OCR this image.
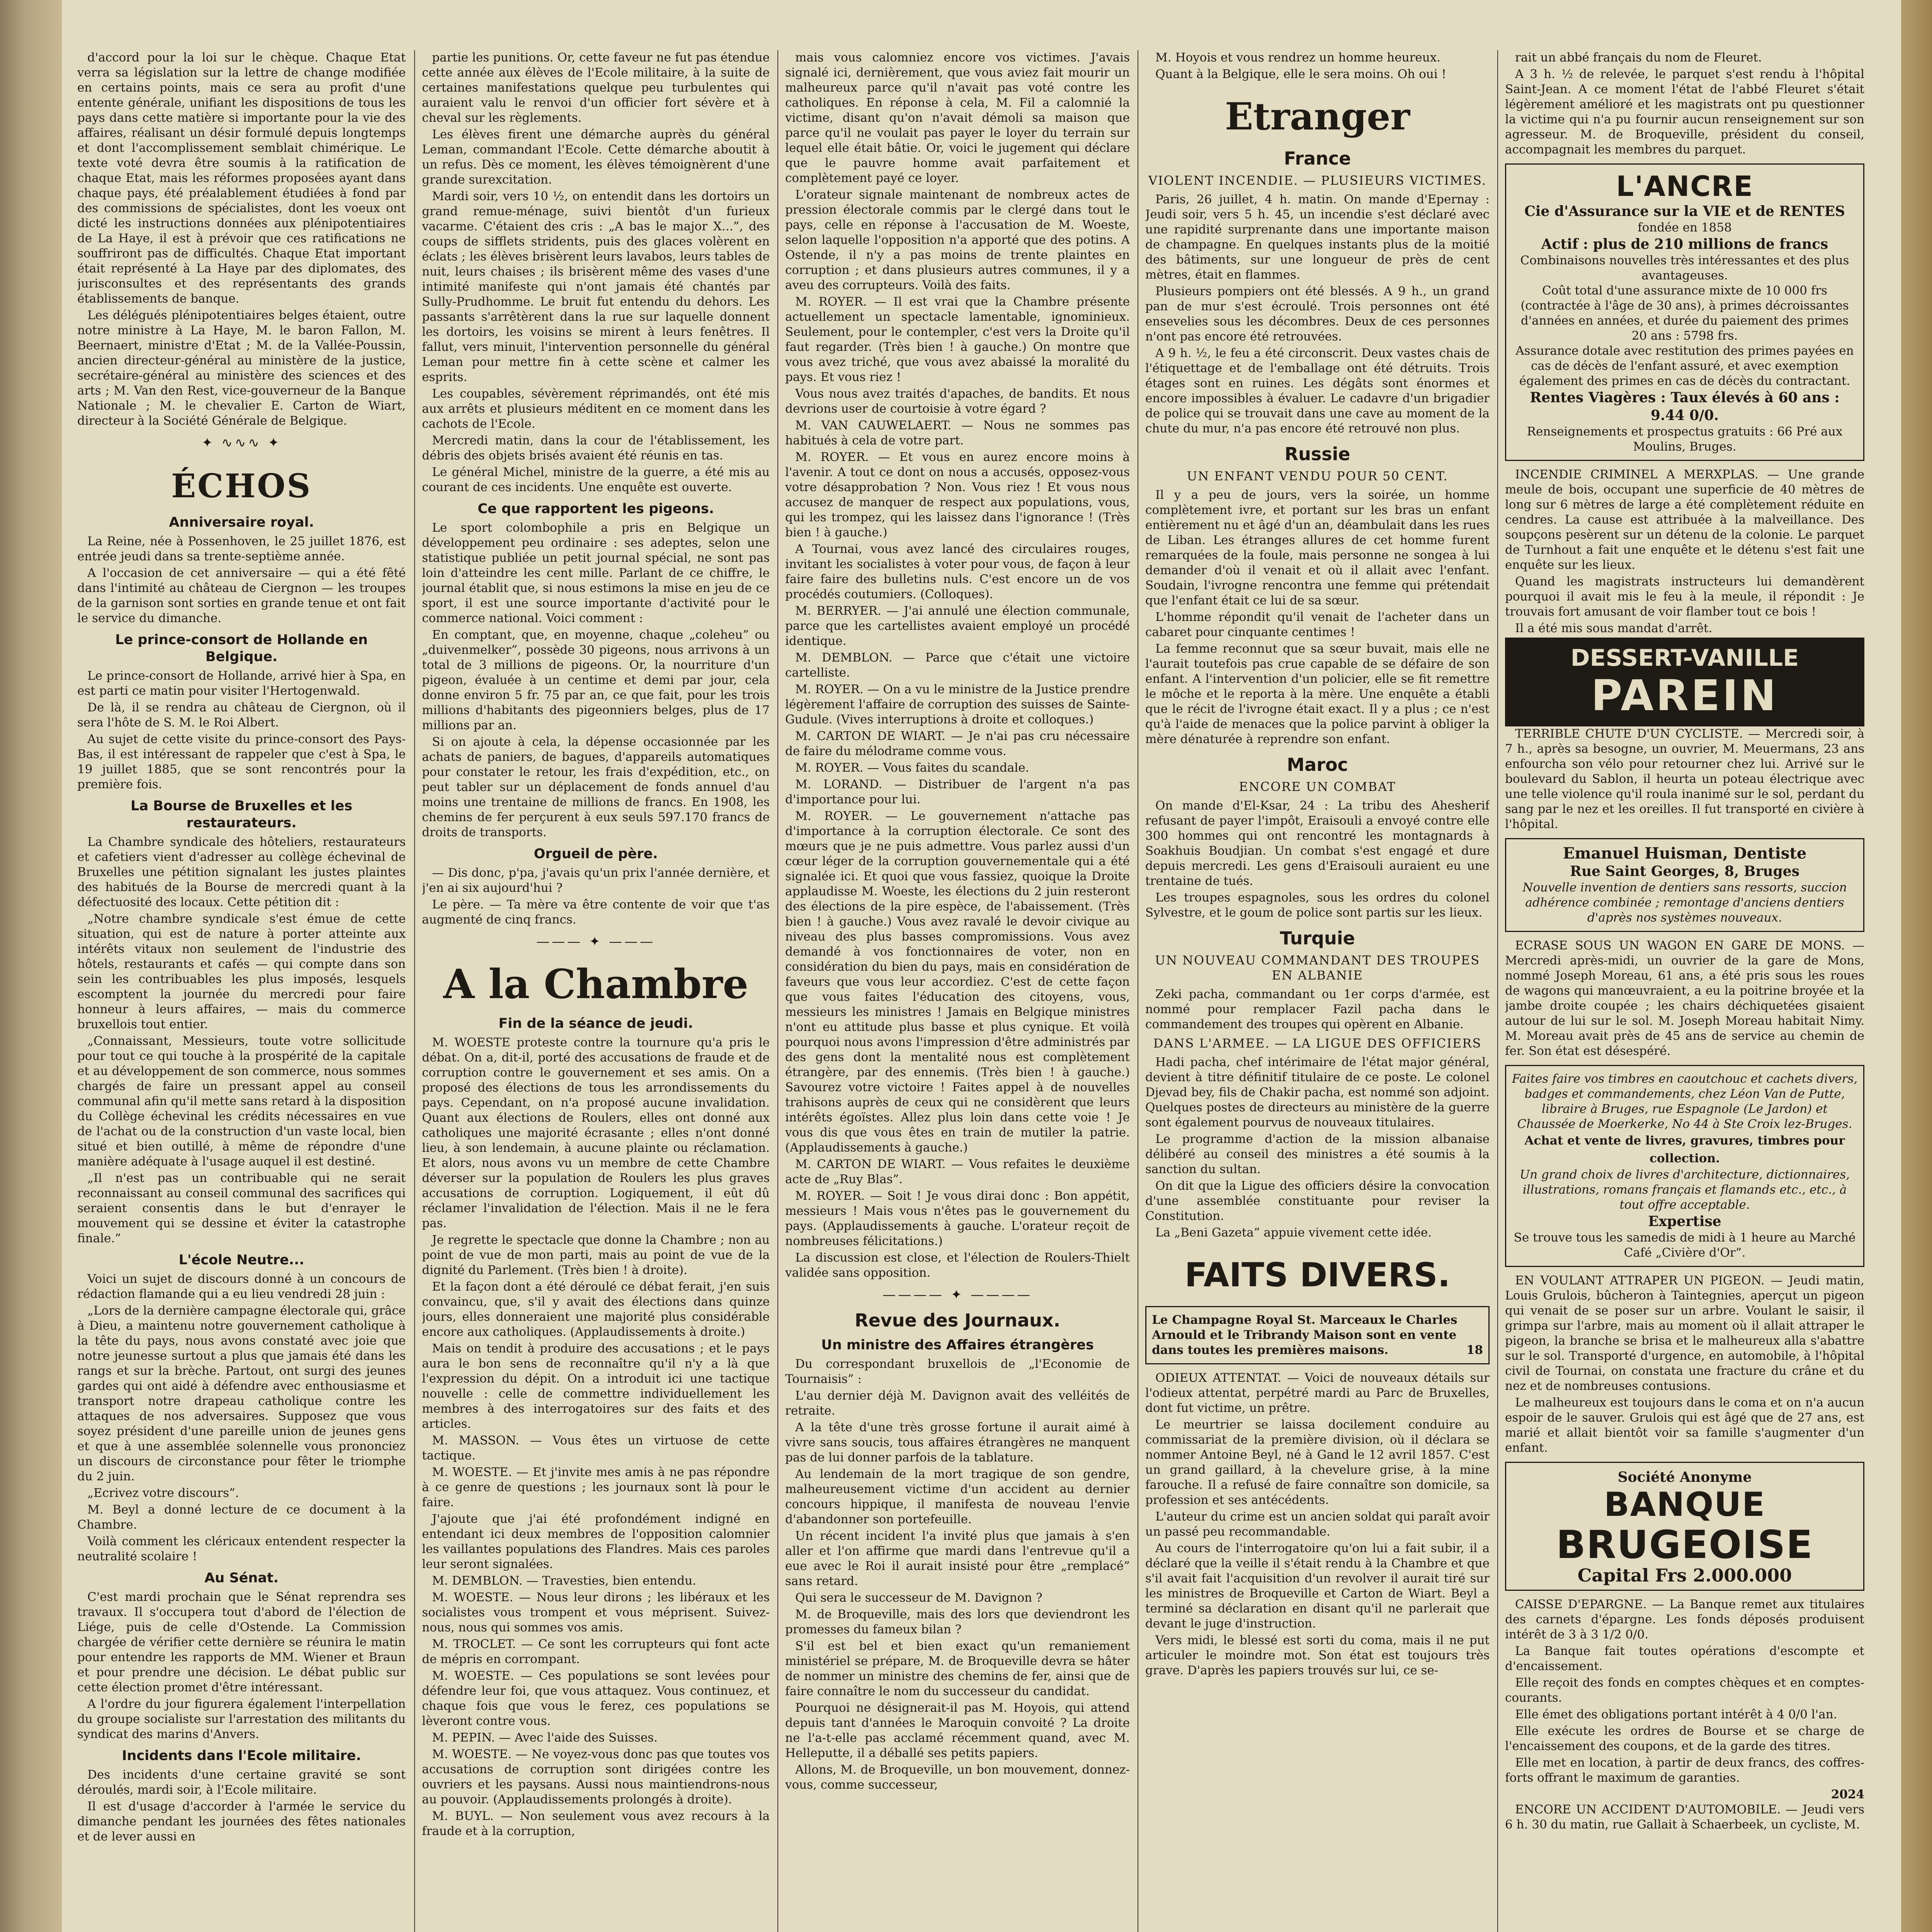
d'accord pour la loi sur le chèque. Chaque Etat verra sa législation sur la lettre de change modifiée en certains points, mais ce sera au profit d'une entente générale, unifiant les dispositions de tous les pays dans cette matière si importante pour la vie des affaires, réalisant un désir formulé depuis longtemps et dont l'accomplissement semblait chimérique. Le texte voté devra être soumis à la ratification de chaque Etat, mais les réformes proposées ayant dans chaque pays, été préalablement étudiées à fond par des commissions de spécialistes, dont les voeux ont dicté les instructions données aux plénipotentiaires de La Haye, il est à prévoir que ces ratifications ne souffriront pas de difficultés. Chaque Etat important était représenté à La Haye par des diplomates, des jurisconsultes et des représentants des grands établissements de banque.

Les délégués plénipotentiaires belges étaient, outre notre ministre à La Haye, M. le baron Fallon, M. Beernaert, ministre d'Etat ; M. de la Vallée-Poussin, ancien directeur-général au ministère de la justice, secrétaire-général au ministère des sciences et des arts ; M. Van den Rest, vice-gouverneur de la Banque Nationale ; M. le chevalier E. Carton de Wiart, directeur à la Société Générale de Belgique.

✦ ∿∿∿ ✦
ÉCHOS
Anniversaire royal.

La Reine, née à Possenhoven, le 25 juillet 1876, est entrée jeudi dans sa trente-septième année.

A l'occasion de cet anniversaire — qui a été fêté dans l'intimité au château de Ciergnon — les troupes de la garnison sont sorties en grande tenue et ont fait le service du dimanche.

Le prince-consort de Hollande en Belgique.

Le prince-consort de Hollande, arrivé hier à Spa, en est parti ce matin pour visiter l'Hertogenwald.

De là, il se rendra au château de Ciergnon, où il sera l'hôte de S. M. le Roi Albert.

Au sujet de cette visite du prince-consort des Pays-Bas, il est intéressant de rappeler que c'est à Spa, le 19 juillet 1885, que se sont rencontrés pour la première fois.

La Bourse de Bruxelles et les restaurateurs.

La Chambre syndicale des hôteliers, restaurateurs et cafetiers vient d'adresser au collège échevinal de Bruxelles une pétition signalant les justes plaintes des habitués de la Bourse de mercredi quant à la défectuosité des locaux. Cette pétition dit :

„Notre chambre syndicale s'est émue de cette situation, qui est de nature à porter atteinte aux intérêts vitaux non seulement de l'industrie des hôtels, restaurants et cafés — qui compte dans son sein les contribuables les plus imposés, lesquels escomptent la journée du mercredi pour faire honneur à leurs affaires, — mais du commerce bruxellois tout entier.

„Connaissant, Messieurs, toute votre sollicitude pour tout ce qui touche à la prospérité de la capitale et au développement de son commerce, nous sommes chargés de faire un pressant appel au conseil communal afin qu'il mette sans retard à la disposition du Collège échevinal les crédits nécessaires en vue de l'achat ou de la construction d'un vaste local, bien situé et bien outillé, à même de répondre d'une manière adéquate à l'usage auquel il est destiné.

„Il n'est pas un contribuable qui ne serait reconnaissant au conseil communal des sacrifices qui seraient consentis dans le but d'enrayer le mouvement qui se dessine et éviter la catastrophe finale.”

L'école Neutre...

Voici un sujet de discours donné à un concours de rédaction flamande qui a eu lieu vendredi 28 juin :

„Lors de la dernière campagne électorale qui, grâce à Dieu, a maintenu notre gouvernement catholique à la tête du pays, nous avons constaté avec joie que notre jeunesse surtout a plus que jamais été dans les rangs et sur la brèche. Partout, ont surgi des jeunes gardes qui ont aidé à défendre avec enthousiasme et transport notre drapeau catholique contre les attaques de nos adversaires. Supposez que vous soyez président d'une pareille union de jeunes gens et que à une assemblée solennelle vous prononciez un discours de circonstance pour fêter le triomphe du 2 juin.

„Ecrivez votre discours”.

M. Beyl a donné lecture de ce document à la Chambre.

Voilà comment les cléricaux entendent respecter la neutralité scolaire !

Au Sénat.

C'est mardi prochain que le Sénat reprendra ses travaux. Il s'occupera tout d'abord de l'élection de Liége, puis de celle d'Ostende. La Commission chargée de vérifier cette dernière se réunira le matin pour entendre les rapports de MM. Wiener et Braun et pour prendre une décision. Le débat public sur cette élection promet d'être intéressant.

A l'ordre du jour figurera également l'interpellation du groupe socialiste sur l'arrestation des militants du syndicat des marins d'Anvers.

Incidents dans l'Ecole militaire.

Des incidents d'une certaine gravité se sont déroulés, mardi soir, à l'Ecole militaire.

Il est d'usage d'accorder à l'armée le service du dimanche pendant les journées des fêtes nationales et de lever aussi en

partie les punitions. Or, cette faveur ne fut pas étendue cette année aux élèves de l'Ecole militaire, à la suite de certaines manifestations quelque peu turbulentes qui auraient valu le renvoi d'un officier fort sévère et à cheval sur les règlements.

Les élèves firent une démarche auprès du général Leman, commandant l'Ecole. Cette démarche aboutit à un refus. Dès ce moment, les élèves témoignèrent d'une grande surexcitation.

Mardi soir, vers 10 ½, on entendit dans les dortoirs un grand remue-ménage, suivi bientôt d'un furieux vacarme. C'étaient des cris : „A bas le major X...”, des coups de sifflets stridents, puis des glaces volèrent en éclats ; les élèves brisèrent leurs lavabos, leurs tables de nuit, leurs chaises ; ils brisèrent même des vases d'une intimité manifeste qui n'ont jamais été chantés par Sully-Prudhomme. Le bruit fut entendu du dehors. Les passants s'arrêtèrent dans la rue sur laquelle donnent les dortoirs, les voisins se mirent à leurs fenêtres. Il fallut, vers minuit, l'intervention personnelle du général Leman pour mettre fin à cette scène et calmer les esprits.

Les coupables, sévèrement réprimandés, ont été mis aux arrêts et plusieurs méditent en ce moment dans les cachots de l'Ecole.

Mercredi matin, dans la cour de l'établissement, les débris des objets brisés avaient été réunis en tas.

Le général Michel, ministre de la guerre, a été mis au courant de ces incidents. Une enquête est ouverte.

Ce que rapportent les pigeons.

Le sport colombophile a pris en Belgique un développement peu ordinaire : ses adeptes, selon une statistique publiée un petit journal spécial, ne sont pas loin d'atteindre les cent mille. Parlant de ce chiffre, le journal établit que, si nous estimons la mise en jeu de ce sport, il est une source importante d'activité pour le commerce national. Voici comment :

En comptant, que, en moyenne, chaque „coleheu” ou „duivenmelker”, possède 30 pigeons, nous arrivons à un total de 3 millions de pigeons. Or, la nourriture d'un pigeon, évaluée à un centime et demi par jour, cela donne environ 5 fr. 75 par an, ce que fait, pour les trois millions d'habitants des pigeonniers belges, plus de 17 millions par an.

Si on ajoute à cela, la dépense occasionnée par les achats de paniers, de bagues, d'appareils automatiques pour constater le retour, les frais d'expédition, etc., on peut tabler sur un déplacement de fonds annuel d'au moins une trentaine de millions de francs. En 1908, les chemins de fer perçurent à eux seuls 597.170 francs de droits de transports.

Orgueil de père.

— Dis donc, p'pa, j'avais qu'un prix l'année dernière, et j'en ai six aujourd'hui ?

Le père. — Ta mère va être contente de voir que t'as augmenté de cinq francs.

——— ✦ ———
A la Chambre
Fin de la séance de jeudi.

M. WOESTE proteste contre la tournure qu'a pris le débat. On a, dit-il, porté des accusations de fraude et de corruption contre le gouvernement et ses amis. On a proposé des élections de tous les arrondissements du pays. Cependant, on n'a proposé aucune invalidation. Quant aux élections de Roulers, elles ont donné aux catholiques une majorité écrasante ; elles n'ont donné lieu, à son lendemain, à aucune plainte ou réclamation. Et alors, nous avons vu un membre de cette Chambre déverser sur la population de Roulers les plus graves accusations de corruption. Logiquement, il eût dû réclamer l'invalidation de l'élection. Mais il ne le fera pas.

Je regrette le spectacle que donne la Chambre ; non au point de vue de mon parti, mais au point de vue de la dignité du Parlement. (Très bien ! à droite).

Et la façon dont a été déroulé ce débat ferait, j'en suis convaincu, que, s'il y avait des élections dans quinze jours, elles donneraient une majorité plus considérable encore aux catholiques. (Applaudissements à droite.)

Mais on tendit à produire des accusations ; et le pays aura le bon sens de reconnaître qu'il n'y a là que l'expression du dépit. On a introduit ici une tactique nouvelle : celle de commettre individuellement les membres à des interrogatoires sur des faits et des articles.

M. MASSON. — Vous êtes un virtuose de cette tactique.

M. WOESTE. — Et j'invite mes amis à ne pas répondre à ce genre de questions ; les journaux sont là pour le faire.

J'ajoute que j'ai été profondément indigné en entendant ici deux membres de l'opposition calomnier les vaillantes populations des Flandres. Mais ces paroles leur seront signalées.

M. DEMBLON. — Travesties, bien entendu.

M. WOESTE. — Nous leur dirons ; les libéraux et les socialistes vous trompent et vous méprisent. Suivez-nous, nous qui sommes vos amis.

M. TROCLET. — Ce sont les corrupteurs qui font acte de mépris en corrompant.

M. WOESTE. — Ces populations se sont levées pour défendre leur foi, que vous attaquez. Vous continuez, et chaque fois que vous le ferez, ces populations se lèveront contre vous.

M. PEPIN. — Avec l'aide des Suisses.

M. WOESTE. — Ne voyez-vous donc pas que toutes vos accusations de corruption sont dirigées contre les ouvriers et les paysans. Aussi nous maintiendrons-nous au pouvoir. (Applaudissements prolongés à droite).

M. BUYL. — Non seulement vous avez recours à la fraude et à la corruption,

mais vous calomniez encore vos victimes. J'avais signalé ici, dernièrement, que vous aviez fait mourir un malheureux parce qu'il n'avait pas voté contre les catholiques. En réponse à cela, M. Fil a calomnié la victime, disant qu'on n'avait démoli sa maison que parce qu'il ne voulait pas payer le loyer du terrain sur lequel elle était bâtie. Or, voici le jugement qui déclare que le pauvre homme avait parfaitement et complètement payé ce loyer.

L'orateur signale maintenant de nombreux actes de pression électorale commis par le clergé dans tout le pays, celle en réponse à l'accusation de M. Woeste, selon laquelle l'opposition n'a apporté que des potins. A Ostende, il n'y a pas moins de trente plaintes en corruption ; et dans plusieurs autres communes, il y a aveu des corrupteurs. Voilà des faits.

M. ROYER. — Il est vrai que la Chambre présente actuellement un spectacle lamentable, ignominieux. Seulement, pour le contempler, c'est vers la Droite qu'il faut regarder. (Très bien ! à gauche.) On montre que vous avez triché, que vous avez abaissé la moralité du pays. Et vous riez !

Vous nous avez traités d'apaches, de bandits. Et nous devrions user de courtoisie à votre égard ?

M. VAN CAUWELAERT. — Nous ne sommes pas habitués à cela de votre part.

M. ROYER. — Et vous en aurez encore moins à l'avenir. A tout ce dont on nous a accusés, opposez-vous votre désapprobation ? Non. Vous riez ! Et vous nous accusez de manquer de respect aux populations, vous, qui les trompez, qui les laissez dans l'ignorance ! (Très bien ! à gauche.)

A Tournai, vous avez lancé des circulaires rouges, invitant les socialistes à voter pour vous, de façon à leur faire faire des bulletins nuls. C'est encore un de vos procédés coutumiers. (Colloques).

M. BERRYER. — J'ai annulé une élection communale, parce que les cartellistes avaient employé un procédé identique.

M. DEMBLON. — Parce que c'était une victoire cartelliste.

M. ROYER. — On a vu le ministre de la Justice prendre légèrement l'affaire de corruption des suisses de Sainte-Gudule. (Vives interruptions à droite et colloques.)

M. CARTON DE WIART. — Je n'ai pas cru nécessaire de faire du mélodrame comme vous.

M. ROYER. — Vous faites du scandale.

M. LORAND. — Distribuer de l'argent n'a pas d'importance pour lui.

M. ROYER. — Le gouvernement n'attache pas d'importance à la corruption électorale. Ce sont des mœurs que je ne puis admettre. Vous parlez aussi d'un cœur léger de la corruption gouvernementale qui a été signalée ici. Et quoi que vous fassiez, quoique la Droite applaudisse M. Woeste, les élections du 2 juin resteront des élections de la pire espèce, de l'abaissement. (Très bien ! à gauche.) Vous avez ravalé le devoir civique au niveau des plus basses compromissions. Vous avez demandé à vos fonctionnaires de voter, non en considération du bien du pays, mais en considération de faveurs que vous leur accordiez. C'est de cette façon que vous faites l'éducation des citoyens, vous, messieurs les ministres ! Jamais en Belgique ministres n'ont eu attitude plus basse et plus cynique. Et voilà pourquoi nous avons l'impression d'être administrés par des gens dont la mentalité nous est complètement étrangère, par des ennemis. (Très bien ! à gauche.) Savourez votre victoire ! Faites appel à de nouvelles trahisons auprès de ceux qui ne considèrent que leurs intérêts égoïstes. Allez plus loin dans cette voie ! Je vous dis que vous êtes en train de mutiler la patrie. (Applaudissements à gauche.)

M. CARTON DE WIART. — Vous refaites le deuxième acte de „Ruy Blas”.

M. ROYER. — Soit ! Je vous dirai donc : Bon appétit, messieurs ! Mais vous n'êtes pas le gouvernement du pays. (Applaudissements à gauche. L'orateur reçoit de nombreuses félicitations.)

La discussion est close, et l'élection de Roulers-Thielt validée sans opposition.

———— ✦ ————
Revue des Journaux.
Un ministre des Affaires étrangères

Du correspondant bruxellois de „l'Economie de Tournaisis” :

L'au dernier déjà M. Davignon avait des velléités de retraite.

A la tête d'une très grosse fortune il aurait aimé à vivre sans soucis, tous affaires étrangères ne manquent pas de lui donner parfois de la tablature.

Au lendemain de la mort tragique de son gendre, malheureusement victime d'un accident au dernier concours hippique, il manifesta de nouveau l'envie d'abandonner son portefeuille.

Un récent incident l'a invité plus que jamais à s'en aller et l'on affirme que mardi dans l'entrevue qu'il a eue avec le Roi il aurait insisté pour être „remplacé” sans retard.

Qui sera le successeur de M. Davignon ?

M. de Broqueville, mais des lors que deviendront les promesses du fameux bilan ?

S'il est bel et bien exact qu'un remaniement ministériel se prépare, M. de Broqueville devra se hâter de nommer un ministre des chemins de fer, ainsi que de faire connaître le nom du successeur du candidat.

Pourquoi ne désignerait-il pas M. Hoyois, qui attend depuis tant d'années le Maroquin convoité ? La droite ne l'a-t-elle pas acclamé récemment quand, avec M. Helleputte, il a déballé ses petits papiers.

Allons, M. de Broqueville, un bon mouvement, donnez-vous, comme successeur,

M. Hoyois et vous rendrez un homme heureux.

Quant à la Belgique, elle le sera moins. Oh oui !

Etranger
France
VIOLENT INCENDIE. — PLUSIEURS VICTIMES.

Paris, 26 juillet, 4 h. matin. On mande d'Epernay : Jeudi soir, vers 5 h. 45, un incendie s'est déclaré avec une rapidité surprenante dans une importante maison de champagne. En quelques instants plus de la moitié des bâtiments, sur une longueur de près de cent mètres, était en flammes.

Plusieurs pompiers ont été blessés. A 9 h., un grand pan de mur s'est écroulé. Trois personnes ont été ensevelies sous les décombres. Deux de ces personnes n'ont pas encore été retrouvées.

A 9 h. ½, le feu a été circonscrit. Deux vastes chais de l'étiquettage et de l'emballage ont été détruits. Trois étages sont en ruines. Les dégâts sont énormes et encore impossibles à évaluer. Le cadavre d'un brigadier de police qui se trouvait dans une cave au moment de la chute du mur, n'a pas encore été retrouvé non plus.

Russie
UN ENFANT VENDU POUR 50 CENT.

Il y a peu de jours, vers la soirée, un homme complètement ivre, et portant sur les bras un enfant entièrement nu et âgé d'un an, déambulait dans les rues de Liban. Les étranges allures de cet homme furent remarquées de la foule, mais personne ne songea à lui demander d'où il venait et où il allait avec l'enfant. Soudain, l'ivrogne rencontra une femme qui prétendait que l'enfant était ce lui de sa sœur.

L'homme répondit qu'il venait de l'acheter dans un cabaret pour cinquante centimes !

La femme reconnut que sa sœur buvait, mais elle ne l'aurait toutefois pas crue capable de se défaire de son enfant. A l'intervention d'un policier, elle se fit remettre le môche et le reporta à la mère. Une enquête a établi que le récit de l'ivrogne était exact. Il y a plus ; ce n'est qu'à l'aide de menaces que la police parvint à obliger la mère dénaturée à reprendre son enfant.

Maroc
ENCORE UN COMBAT

On mande d'El-Ksar, 24 : La tribu des Ahesherif refusant de payer l'impôt, Eraisouli a envoyé contre elle 300 hommes qui ont rencontré les montagnards à Soakhuis Boudjian. Un combat s'est engagé et dure depuis mercredi. Les gens d'Eraisouli auraient eu une trentaine de tués.

Les troupes espagnoles, sous les ordres du colonel Sylvestre, et le goum de police sont partis sur les lieux.

Turquie
UN NOUVEAU COMMANDANT DES TROUPES EN ALBANIE

Zeki pacha, commandant ou 1er corps d'armée, est nommé pour remplacer Fazil pacha dans le commandement des troupes qui opèrent en Albanie.

DANS L'ARMEE. — LA LIGUE DES OFFICIERS

Hadi pacha, chef intérimaire de l'état major général, devient à titre définitif titulaire de ce poste. Le colonel Djevad bey, fils de Chakir pacha, est nommé son adjoint. Quelques postes de directeurs au ministère de la guerre sont également pourvus de nouveaux titulaires.

Le programme d'action de la mission albanaise délibéré au conseil des ministres a été soumis à la sanction du sultan.

On dit que la Ligue des officiers désire la convocation d'une assemblée constituante pour reviser la Constitution.

La „Beni Gazeta” appuie vivement cette idée.

FAITS DIVERS.
Le Champagne Royal St. Marceaux le Charles Arnould et le Tribrandy Maison sont en vente dans toutes les premières maisons.	18

ODIEUX ATTENTAT. — Voici de nouveaux détails sur l'odieux attentat, perpétré mardi au Parc de Bruxelles, dont fut victime, un prêtre.

Le meurtrier se laissa docilement conduire au commissariat de la première division, où il déclara se nommer Antoine Beyl, né à Gand le 12 avril 1857. C'est un grand gaillard, à la chevelure grise, à la mine farouche. Il a refusé de faire connaître son domicile, sa profession et ses antécédents.

L'auteur du crime est un ancien soldat qui paraît avoir un passé peu recommandable.

Au cours de l'interrogatoire qu'on lui a fait subir, il a déclaré que la veille il s'était rendu à la Chambre et que s'il avait fait l'acquisition d'un revolver il aurait tiré sur les ministres de Broqueville et Carton de Wiart. Beyl a terminé sa déclaration en disant qu'il ne parlerait que devant le juge d'instruction.

Vers midi, le blessé est sorti du coma, mais il ne put articuler le moindre mot. Son état est toujours très grave. D'après les papiers trouvés sur lui, ce se-

rait un abbé français du nom de Fleuret.

A 3 h. ½ de relevée, le parquet s'est rendu à l'hôpital Saint-Jean. A ce moment l'état de l'abbé Fleuret s'était légèrement amélioré et les magistrats ont pu questionner la victime qui n'a pu fournir aucun renseignement sur son agresseur. M. de Broqueville, président du conseil, accompagnait les membres du parquet.

L'ANCRE
Cie d'Assurance sur la VIE et de RENTES
fondée en 1858
Actif : plus de 210 millions de francs
Combinaisons nouvelles très intéressantes et des plus avantageuses.
Coût total d'une assurance mixte de 10 000 frs (contractée à l'âge de 30 ans), à primes décroissantes d'années en années, et durée du paiement des primes 20 ans : 5798 frs.
Assurance dotale avec restitution des primes payées en cas de décès de l'enfant assuré, et avec exemption également des primes en cas de décès du contractant.
Rentes Viagères : Taux élevés à 60 ans : 9.44 0/0.
Renseignements et prospectus gratuits : 66 Pré aux Moulins, Bruges.

INCENDIE CRIMINEL A MERXPLAS. — Une grande meule de bois, occupant une superficie de 40 mètres de long sur 6 mètres de large a été complètement réduite en cendres. La cause est attribuée à la malveillance. Des soupçons pesèrent sur un détenu de la colonie. Le parquet de Turnhout a fait une enquête et le détenu s'est fait une enquête sur les lieux.

Quand les magistrats instructeurs lui demandèrent pourquoi il avait mis le feu à la meule, il répondit : Je trouvais fort amusant de voir flamber tout ce bois !

Il a été mis sous mandat d'arrêt.

DESSERT-VANILLE
PAREIN

TERRIBLE CHUTE D'UN CYCLISTE. — Mercredi soir, à 7 h., après sa besogne, un ouvrier, M. Meuermans, 23 ans enfourcha son vélo pour retourner chez lui. Arrivé sur le boulevard du Sablon, il heurta un poteau électrique avec une telle violence qu'il roula inanimé sur le sol, perdant du sang par le nez et les oreilles. Il fut transporté en civière à l'hôpital.

Emanuel Huisman, Dentiste
Rue Saint Georges, 8, Bruges
Nouvelle invention de dentiers sans ressorts, succion adhérence combinée ; remontage d'anciens dentiers d'après nos systèmes nouveaux.

ECRASE SOUS UN WAGON EN GARE DE MONS. — Mercredi après-midi, un ouvrier de la gare de Mons, nommé Joseph Moreau, 61 ans, a été pris sous les roues de wagons qui manœuvraient, a eu la poitrine broyée et la jambe droite coupée ; les chairs déchiquetées gisaient autour de lui sur le sol. M. Joseph Moreau habitait Nimy. M. Moreau avait près de 45 ans de service au chemin de fer. Son état est désespéré.

Faites faire vos timbres en caoutchouc et cachets divers, badges et commandements, chez Léon Van de Putte, libraire à Bruges, rue Espagnole (Le Jardon) et Chaussée de Moerkerke, No 44 à Ste Croix lez-Bruges.
Achat et vente de livres, gravures, timbres pour collection.
Un grand choix de livres d'architecture, dictionnaires, illustrations, romans français et flamands etc., etc., à tout offre acceptable.
Expertise
Se trouve tous les samedis de midi à 1 heure au Marché Café „Civière d'Or”.

EN VOULANT ATTRAPER UN PIGEON. — Jeudi matin, Louis Grulois, bûcheron à Taintegnies, aperçut un pigeon qui venait de se poser sur un arbre. Voulant le saisir, il grimpa sur l'arbre, mais au moment où il allait attraper le pigeon, la branche se brisa et le malheureux alla s'abattre sur le sol. Transporté d'urgence, en automobile, à l'hôpital civil de Tournai, on constata une fracture du crâne et du nez et de nombreuses contusions.

Le malheureux est toujours dans le coma et on n'a aucun espoir de le sauver. Grulois qui est âgé que de 27 ans, est marié et allait bientôt voir sa famille s'augmenter d'un enfant.

Société Anonyme
BANQUE
BRUGEOISE
Capital Frs 2.000.000

CAISSE D'EPARGNE. — La Banque remet aux titulaires des carnets d'épargne. Les fonds déposés produisent intérêt de 3 à 3 1/2 0/0.

La Banque fait toutes opérations d'escompte et d'encaissement.

Elle reçoit des fonds en comptes chèques et en comptes-courants.

Elle émet des obligations portant intérêt à 4 0/0 l'an.

Elle exécute les ordres de Bourse et se charge de l'encaissement des coupons, et de la garde des titres.

Elle met en location, à partir de deux francs, des coffres-forts offrant le maximum de garanties.

2024

ENCORE UN ACCIDENT D'AUTOMOBILE. — Jeudi vers 6 h. 30 du matin, rue Gallait à Schaerbeek, un cycliste, M.
